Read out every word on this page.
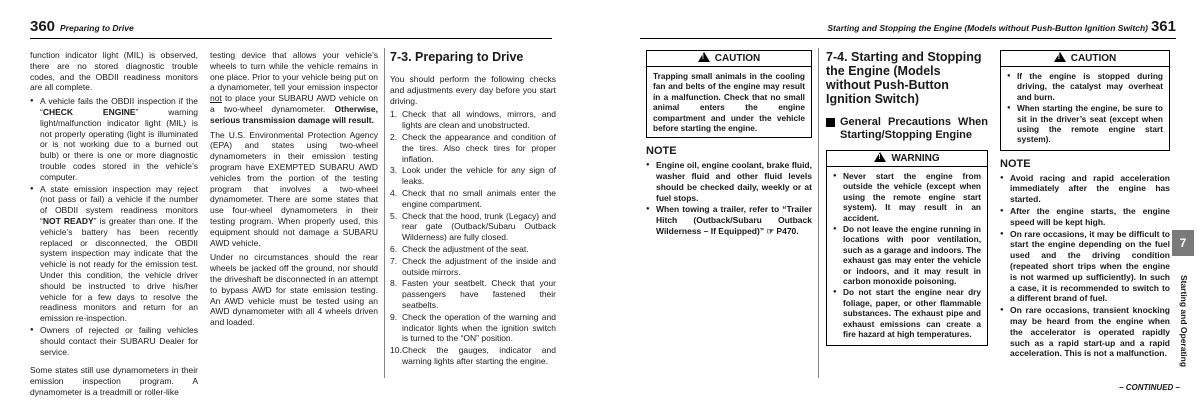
360 Preparing to Drive

function indicator light (MIL) is observed, there are no stored diagnostic trouble codes, and the OBDII readiness monitors are all complete.

● A vehicle fails the OBDII inspection if the “CHECK ENGINE” warning light/malfunction indicator light (MIL) is not properly operating (light is illuminated or is not working due to a burned out bulb) or there is one or more diagnostic trouble codes stored in the vehicle’s computer.
● A state emission inspection may reject (not pass or fail) a vehicle if the number of OBDII system readiness monitors “NOT READY” is greater than one. If the vehicle’s battery has been recently replaced or disconnected, the OBDII system inspection may indicate that the vehicle is not ready for the emission test. Under this condition, the vehicle driver should be instructed to drive his/her vehicle for a few days to resolve the readiness monitors and return for an emission re-inspection.
● Owners of rejected or failing vehicles should contact their SUBARU Dealer for service.

Some states still use dynamometers in their emission inspection program. A dynamometer is a treadmill or roller-like

testing device that allows your vehicle’s wheels to turn while the vehicle remains in one place. Prior to your vehicle being put on a dynamometer, tell your emission inspector not to place your SUBARU AWD vehicle on a two-wheel dynamometer. Otherwise, serious transmission damage will result.

The U.S. Environmental Protection Agency (EPA) and states using two-wheel dynamometers in their emission testing program have EXEMPTED SUBARU AWD vehicles from the portion of the testing program that involves a two-wheel dynamometer. There are some states that use four-wheel dynamometers in their testing program. When properly used, this equipment should not damage a SUBARU AWD vehicle.

Under no circumstances should the rear wheels be jacked off the ground, nor should the driveshaft be disconnected in an attempt to bypass AWD for state emission testing. An AWD vehicle must be tested using an AWD dynamometer with all 4 wheels driven and loaded.

7-3. Preparing to Drive

You should perform the following checks and adjustments every day before you start driving.

1. Check that all windows, mirrors, and lights are clean and unobstructed.
2. Check the appearance and condition of the tires. Also check tires for proper inflation.
3. Look under the vehicle for any sign of leaks.
4. Check that no small animals enter the engine compartment.
5. Check that the hood, trunk (Legacy) and rear gate (Outback/Subaru Outback Wilderness) are fully closed.
6. Check the adjustment of the seat.
7. Check the adjustment of the inside and outside mirrors.
8. Fasten your seatbelt. Check that your passengers have fastened their seatbelts.
9. Check the operation of the warning and indicator lights when the ignition switch is turned to the “ON” position.
10. Check the gauges, indicator and warning lights after starting the engine.
Starting and Stopping the Engine (Models without Push-Button Ignition Switch) 361
!CAUTION
Trapping small animals in the cooling fan and belts of the engine may result in a malfunction. Check that no small animal enters the engine compartment and under the vehicle before starting the engine.
NOTE
● Engine oil, engine coolant, brake fluid, washer fluid and other fluid levels should be checked daily, weekly or at fuel stops.
● When towing a trailer, refer to “Trailer Hitch (Outback/Subaru Outback Wilderness – If Equipped)” ☞ P470.
7-4. Starting and Stopping the Engine (Models without Push-Button Ignition Switch)
General Precautions When Starting/Stopping Engine
!WARNING
● Never start the engine from outside the vehicle (except when using the remote engine start system). It may result in an accident.
● Do not leave the engine running in locations with poor ventilation, such as a garage and indoors. The exhaust gas may enter the vehicle or indoors, and it may result in carbon monoxide poisoning.
● Do not start the engine near dry foliage, paper, or other flammable substances. The exhaust pipe and exhaust emissions can create a fire hazard at high temperatures.
!CAUTION
● If the engine is stopped during driving, the catalyst may overheat and burn.
● When starting the engine, be sure to sit in the driver’s seat (except when using the remote engine start system).
NOTE
● Avoid racing and rapid acceleration immediately after the engine has started.
● After the engine starts, the engine speed will be kept high.
● On rare occasions, it may be difficult to start the engine depending on the fuel used and the driving condition (repeated short trips when the engine is not warmed up sufficiently). In such a case, it is recommended to switch to a different brand of fuel.
● On rare occasions, transient knocking may be heard from the engine when the accelerator is operated rapidly such as a rapid start-up and a rapid acceleration. This is not a malfunction.
7
Starting and Operating
– CONTINUED –
